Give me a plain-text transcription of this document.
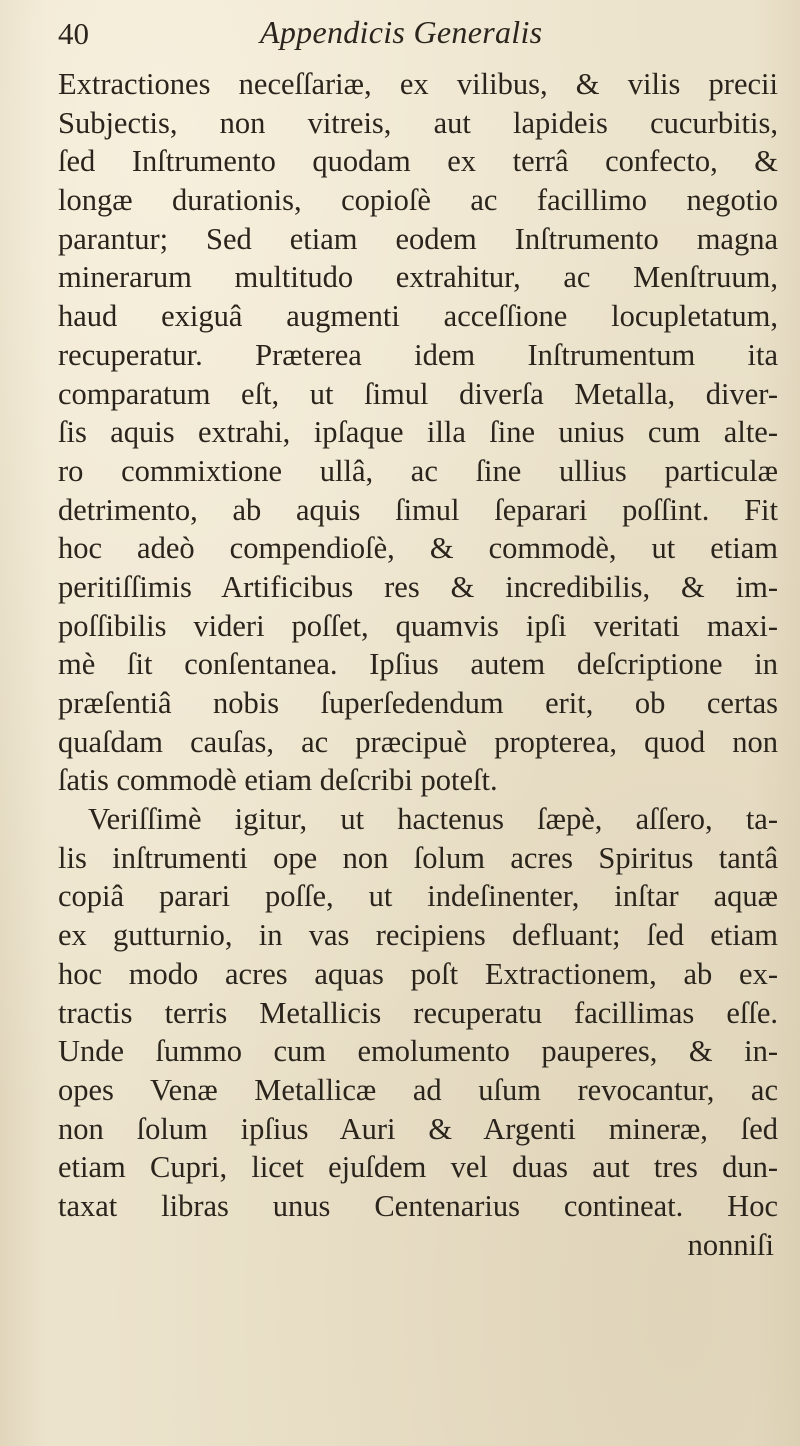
40	Appendicis Generalis
Extractiones neceſſariæ, ex vilibus, & vilis precii
Subjectis, non vitreis, aut lapideis cucurbitis,
ſed Inſtrumento quodam ex terrâ confecto, &
longæ durationis, copioſè ac facillimo negotio
parantur; Sed etiam eodem Inſtrumento magna
minerarum multitudo extrahitur, ac Menſtruum,
haud exiguâ augmenti acceſſione locupletatum,
recuperatur. Præterea idem Inſtrumentum ita
comparatum eſt, ut ſimul diverſa Metalla, diver-
ſis aquis extrahi, ipſaque illa ſine unius cum alte-
ro commixtione ullâ, ac ſine ullius particulæ
detrimento, ab aquis ſimul ſeparari poſſint. Fit
hoc adeò compendioſè, & commodè, ut etiam
peritiſſimis Artificibus res & incredibilis, & im-
poſſibilis videri poſſet, quamvis ipſi veritati maxi-
mè ſit conſentanea. Ipſius autem deſcriptione in
præſentiâ nobis ſuperſedendum erit, ob certas
quaſdam cauſas, ac præcipuè propterea, quod non
ſatis commodè etiam deſcribi poteſt.
Veriſſimè igitur, ut hactenus ſæpè, aſſero, ta-
lis inſtrumenti ope non ſolum acres Spiritus tantâ
copiâ parari poſſe, ut indeſinenter, inſtar aquæ
ex gutturnio, in vas recipiens defluant; ſed etiam
hoc modo acres aquas poſt Extractionem, ab ex-
tractis terris Metallicis recuperatu facillimas eſſe.
Unde ſummo cum emolumento pauperes, & in-
opes Venæ Metallicæ ad uſum revocantur, ac
non ſolum ipſius Auri & Argenti mineræ, ſed
etiam Cupri, licet ejuſdem vel duas aut tres dun-
taxat libras unus Centenarius contineat. Hoc
nonniſi
